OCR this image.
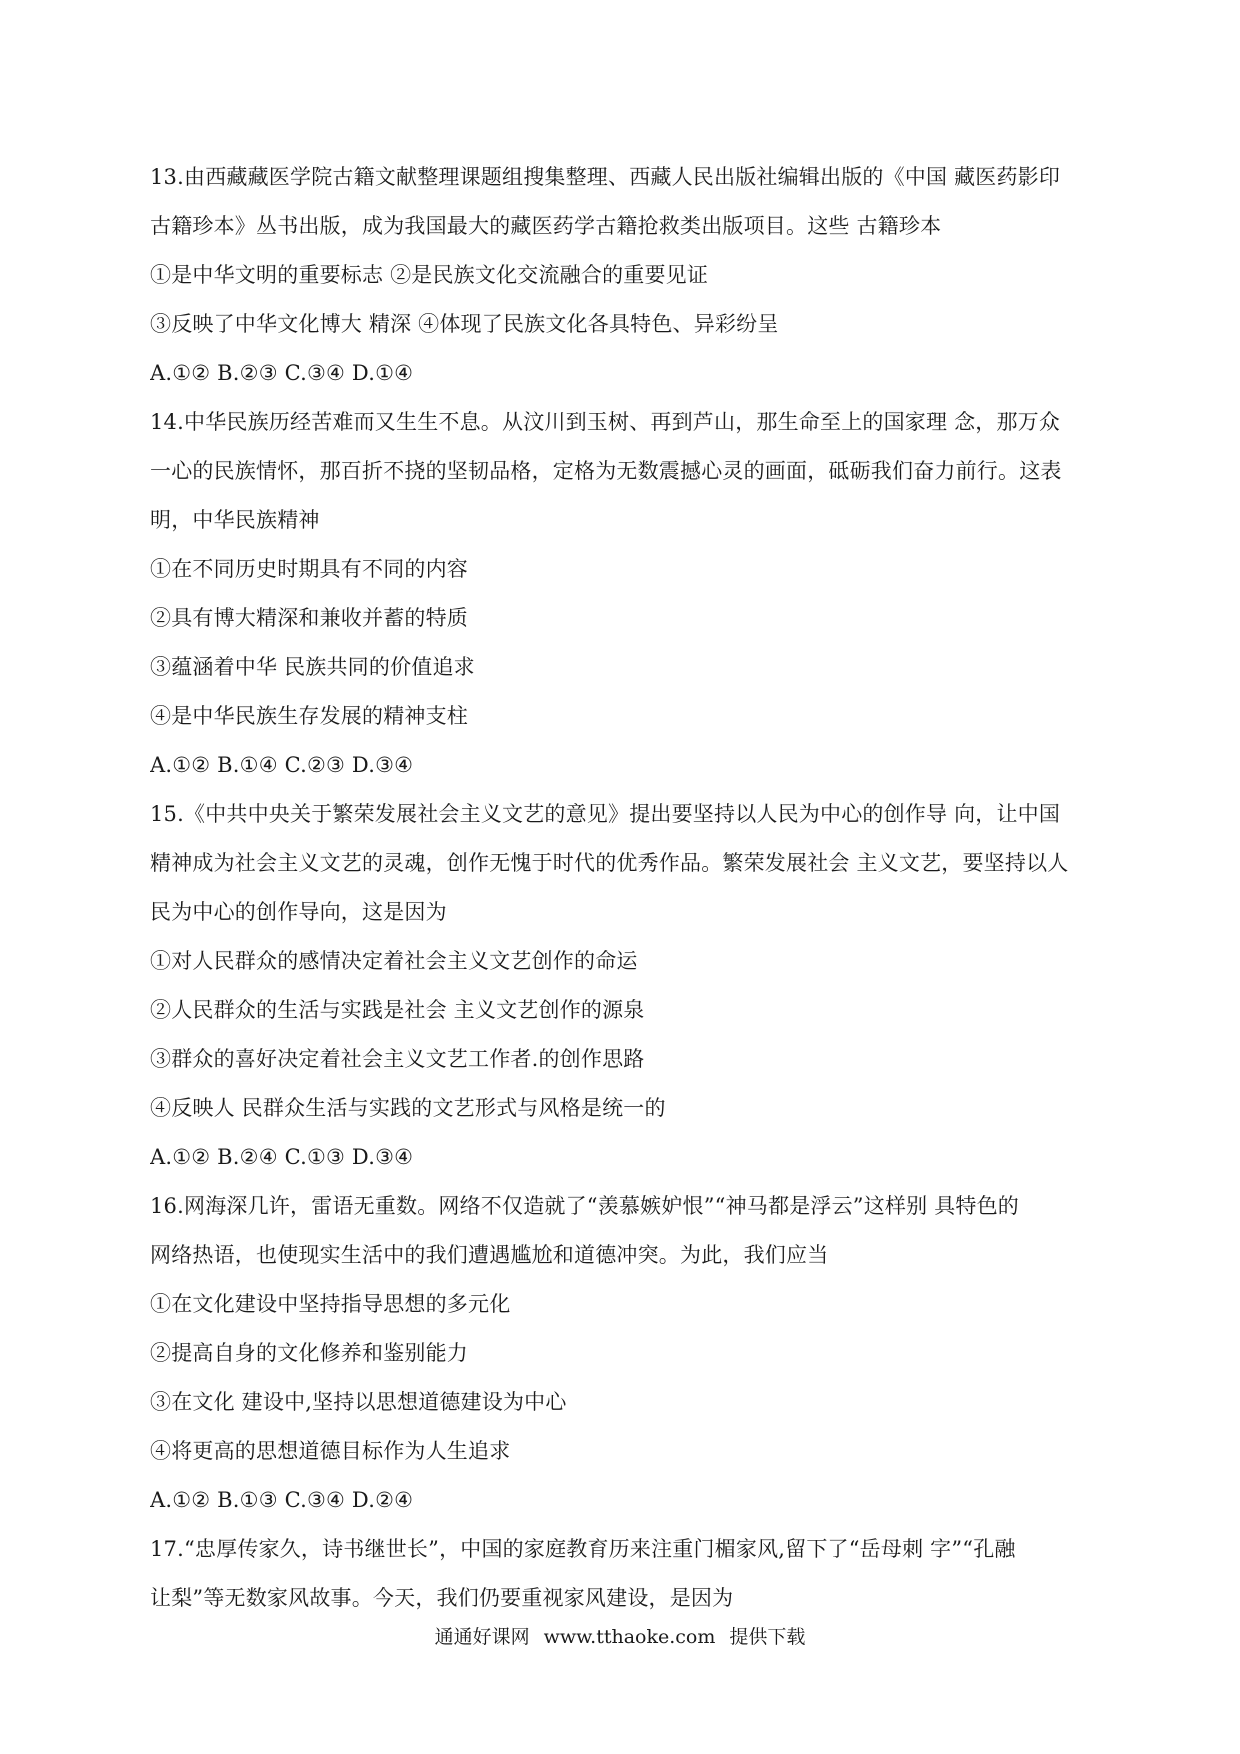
13.由西藏藏医学院古籍文献整理课题组搜集整理、西藏人民出版社编辑出版的《中国 藏医药影印
古籍珍本》丛书出版，成为我国最大的藏医药学古籍抢救类出版项目。这些 古籍珍本
①是中华文明的重要标志 ②是民族文化交流融合的重要见证
③反映了中华文化博大 精深 ④体现了民族文化各具特色、异彩纷呈
A.①② B.②③ C.③④ D.①④
14.中华民族历经苦难而又生生不息。从汶川到玉树、再到芦山，那生命至上的国家理 念，那万众
一心的民族情怀，那百折不挠的坚韧品格，定格为无数震撼心灵的画面，砥砺我们奋力前行。这表
明，中华民族精神
①在不同历史时期具有不同的内容
②具有博大精深和兼收并蓄的特质
③蕴涵着中华 民族共同的价值追求
④是中华民族生存发展的精神支柱
A.①② B.①④ C.②③ D.③④
15.《中共中央关于繁荣发展社会主义文艺的意见》提出要坚持以人民为中心的创作导 向，让中国
精神成为社会主义文艺的灵魂，创作无愧于时代的优秀作品。繁荣发展社会 主义文艺，要坚持以人
民为中心的创作导向，这是因为
①对人民群众的感情决定着社会主义文艺创作的命运
②人民群众的生活与实践是社会 主义文艺创作的源泉
③群众的喜好决定着社会主义文艺工作者.的创作思路
④反映人 民群众生活与实践的文艺形式与风格是统一的
A.①② B.②④ C.①③ D.③④
16.网海深几许，雷语无重数。网络不仅造就了“羡慕嫉妒恨”“神马都是浮云”这样别 具特色的
网络热语，也使现实生活中的我们遭遇尴尬和道德冲突。为此，我们应当
①在文化建设中坚持指导思想的多元化
②提高自身的文化修养和鉴别能力
③在文化 建设中,坚持以思想道德建设为中心
④将更高的思想道德目标作为人生追求
A.①② B.①③ C.③④ D.②④
17.“忠厚传家久，诗书继世长”，中国的家庭教育历来注重门楣家风,留下了“岳母刺 字”“孔融
让梨”等无数家风故事。今天，我们仍要重视家风建设，是因为
通通好课网 www.tthaoke.com 提供下载
